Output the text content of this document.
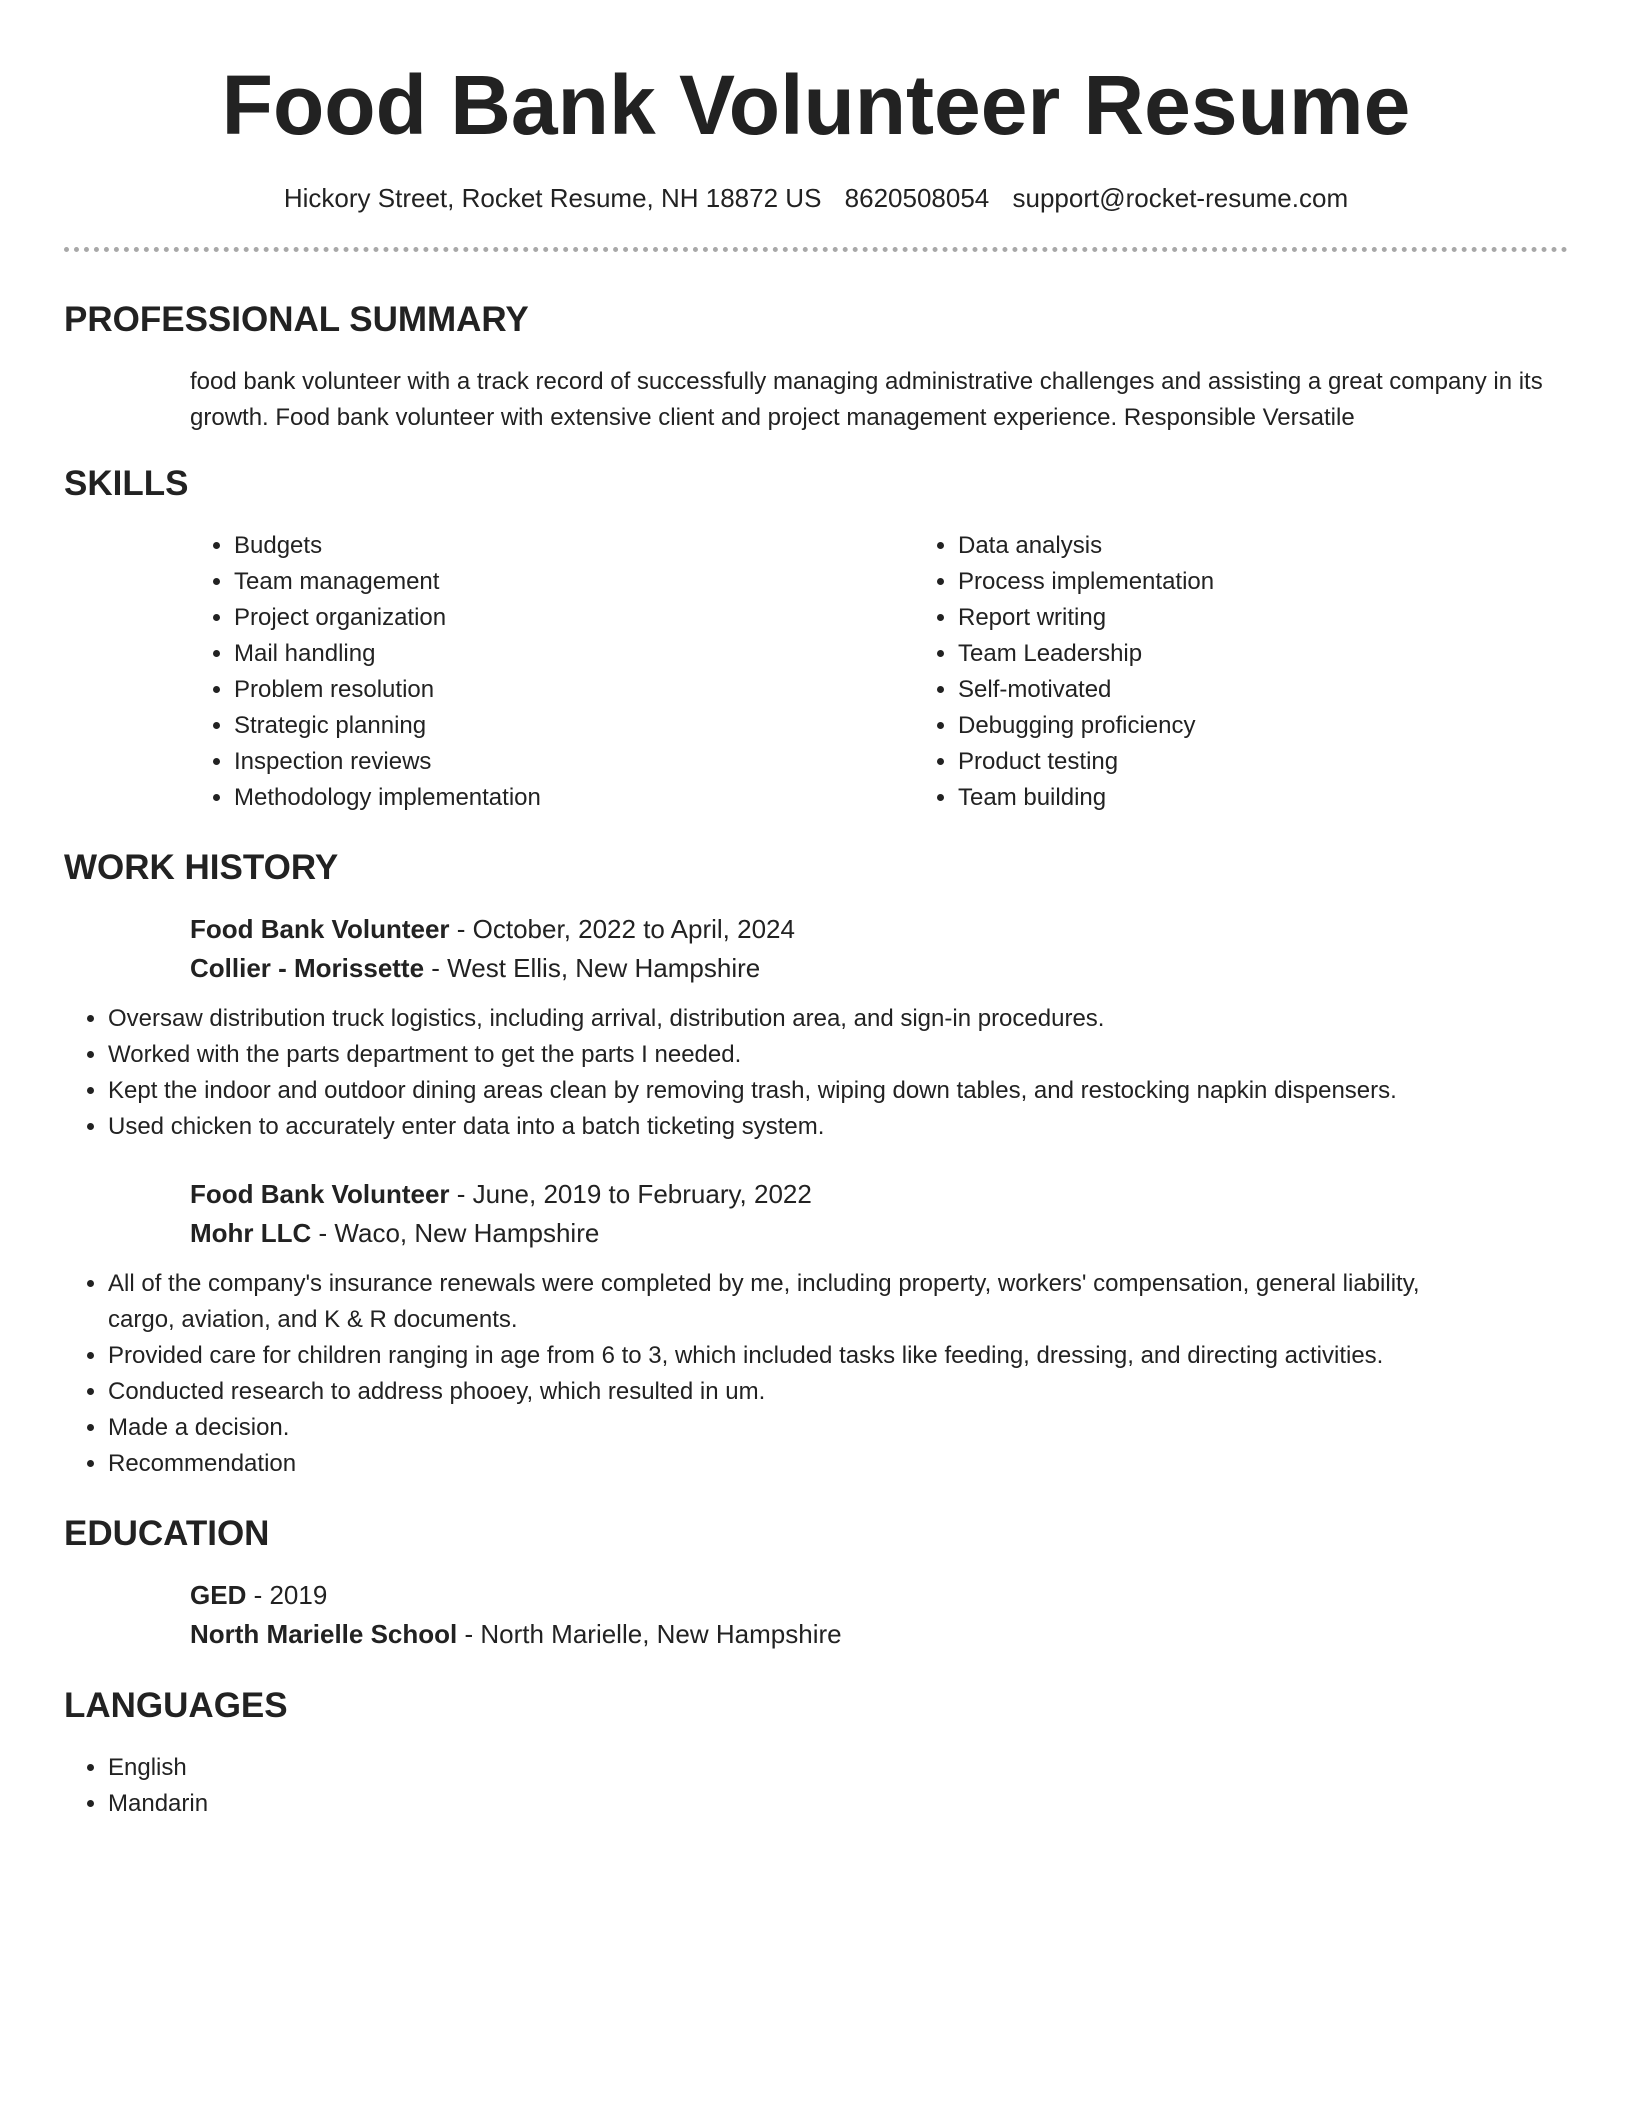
Food Bank Volunteer Resume
Hickory Street, Rocket Resume, NH 18872 US 8620508054 support@rocket-resume.com
PROFESSIONAL SUMMARY
food bank volunteer with a track record of successfully managing administrative challenges and assisting a great company in its growth. Food bank volunteer with extensive client and project management experience. Responsible Versatile
SKILLS
• Budgets
• Team management
• Project organization
• Mail handling
• Problem resolution
• Strategic planning
• Inspection reviews
• Methodology implementation
• Data analysis
• Process implementation
• Report writing
• Team Leadership
• Self-motivated
• Debugging proficiency
• Product testing
• Team building
WORK HISTORY
Food Bank Volunteer - October, 2022 to April, 2024
Collier - Morissette - West Ellis, New Hampshire
• Oversaw distribution truck logistics, including arrival, distribution area, and sign-in procedures.
• Worked with the parts department to get the parts I needed.
• Kept the indoor and outdoor dining areas clean by removing trash, wiping down tables, and restocking napkin dispensers.
• Used chicken to accurately enter data into a batch ticketing system.
Food Bank Volunteer - June, 2019 to February, 2022
Mohr LLC - Waco, New Hampshire
• All of the company's insurance renewals were completed by me, including property, workers' compensation, general liability, cargo, aviation, and K & R documents.
• Provided care for children ranging in age from 6 to 3, which included tasks like feeding, dressing, and directing activities.
• Conducted research to address phooey, which resulted in um.
• Made a decision.
• Recommendation
EDUCATION
GED - 2019
North Marielle School - North Marielle, New Hampshire
LANGUAGES
• English
• Mandarin
